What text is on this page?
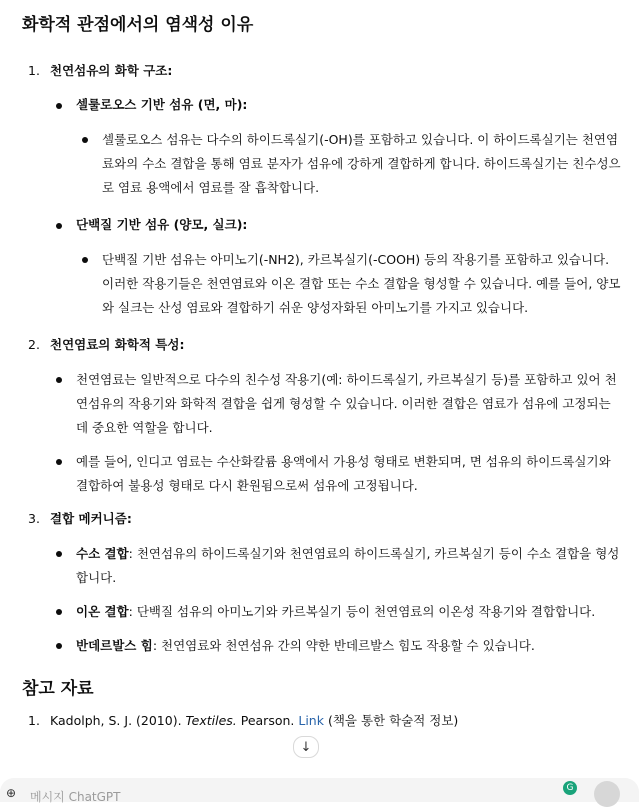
화학적 관점에서의 염색성 이유
1. 천연섬유의 화학 구조:
셀룰로오스 기반 섬유 (면, 마):
셀룰로오스 섬유는 다수의 하이드록실기(-OH)를 포함하고 있습니다. 이 하이드록실기는 천연염료와의 수소 결합을 통해 염료 분자가 섬유에 강하게 결합하게 합니다. 하이드록실기는 친수성으로 염료 용액에서 염료를 잘 흡착합니다.
단백질 기반 섬유 (양모, 실크):
단백질 기반 섬유는 아미노기(-NH2), 카르복실기(-COOH) 등의 작용기를 포함하고 있습니다. 이러한 작용기들은 천연염료와 이온 결합 또는 수소 결합을 형성할 수 있습니다. 예를 들어, 양모와 실크는 산성 염료와 결합하기 쉬운 양성자화된 아미노기를 가지고 있습니다.
2. 천연염료의 화학적 특성:
천연염료는 일반적으로 다수의 친수성 작용기(예: 하이드록실기, 카르복실기 등)를 포함하고 있어 천연섬유의 작용기와 화학적 결합을 쉽게 형성할 수 있습니다. 이러한 결합은 염료가 섬유에 고정되는 데 중요한 역할을 합니다.
예를 들어, 인디고 염료는 수산화칼륨 용액에서 가용성 형태로 변환되며, 면 섬유의 하이드록실기와 결합하여 불용성 형태로 다시 환원됨으로써 섬유에 고정됩니다.
3. 결합 메커니즘:
수소 결합: 천연섬유의 하이드록실기와 천연염료의 하이드록실기, 카르복실기 등이 수소 결합을 형성합니다.
이온 결합: 단백질 섬유의 아미노기와 카르복실기 등이 천연염료의 이온성 작용기와 결합합니다.
반데르발스 힘: 천연염료와 천연섬유 간의 약한 반데르발스 힘도 작용할 수 있습니다.
참고 자료
1. Kadolph, S. J. (2010). Textiles. Pearson. Link (책을 통한 학술적 정보)
↓
⊕ 메시지 ChatGPT
G
